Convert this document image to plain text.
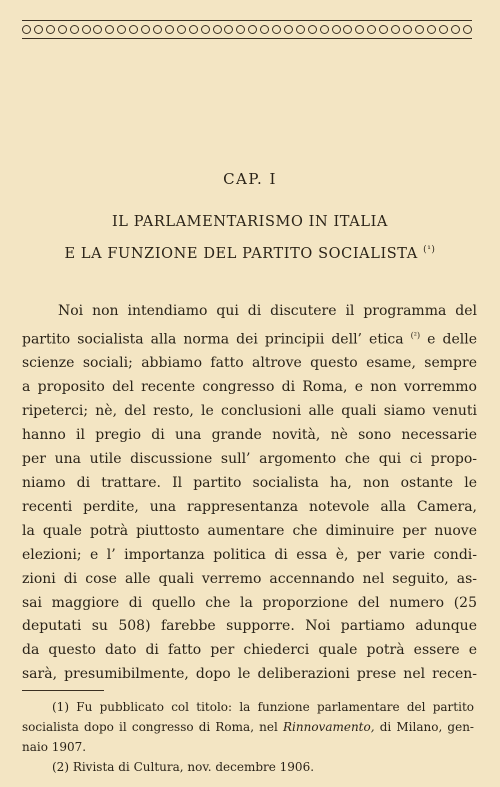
CAP. I
IL PARLAMENTARISMO IN ITALIA
E LA FUNZIONE DEL PARTITO SOCIALISTA $^{(^1)}$
Noi non intendiamo qui di discutere il programma del
partito socialista alla norma dei principii dell’ etica $^{(^2)}$ e delle
scienze sociali; abbiamo fatto altrove questo esame, sempre
a proposito del recente congresso di Roma, e non vorremmo
ripeterci; nè, del resto, le conclusioni alle quali siamo venuti
hanno il pregio di una grande novità, nè sono necessarie
per una utile discussione sull’ argomento che qui ci propo-
niamo di trattare. Il partito socialista ha, non ostante le
recenti perdite, una rappresentanza notevole alla Camera,
la quale potrà piuttosto aumentare che diminuire per nuove
elezioni; e l’ importanza politica di essa è, per varie condi-
zioni di cose alle quali verremo accennando nel seguito, as-
sai maggiore di quello che la proporzione del numero (25
deputati su 508) farebbe supporre. Noi partiamo adunque
da questo dato di fatto per chiederci quale potrà essere e
sarà, presumibilmente, dopo le deliberazioni prese nel recen-
(1) Fu pubblicato col titolo: la funzione parlamentare del partito
socialista dopo il congresso di Roma, nel Rinnovamento, di Milano, gen-
naio 1907.
(2) Rivista di Cultura, nov. decembre 1906.
